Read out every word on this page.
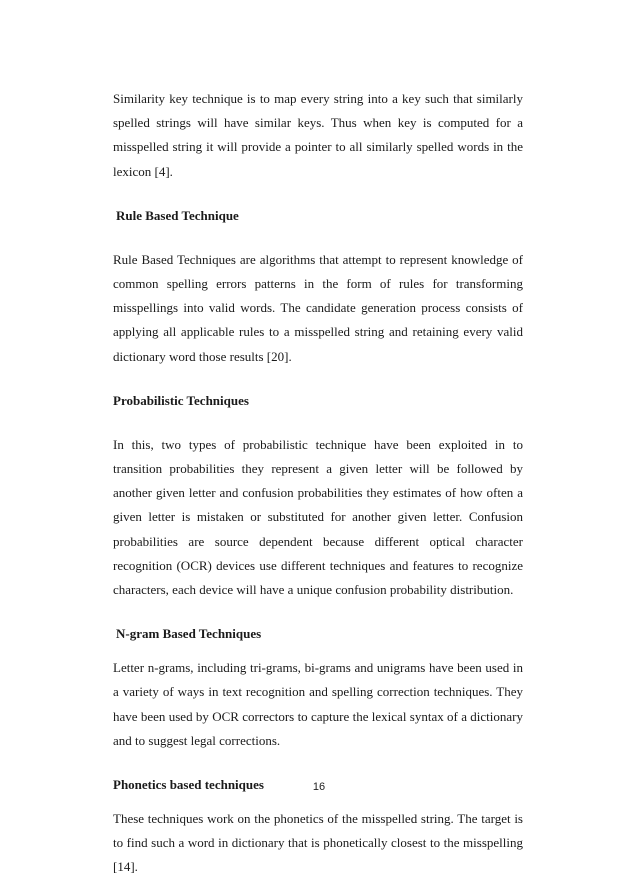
Similarity key technique is to map every string into a key such that similarly spelled strings will have similar keys. Thus when key is computed for a misspelled string it will provide a pointer to all similarly spelled words in the lexicon [4].

Rule Based Technique

Rule Based Techniques are algorithms that attempt to represent knowledge of common spelling errors patterns in the form of rules for transforming misspellings into valid words. The candidate generation process consists of applying all applicable rules to a misspelled string and retaining every valid dictionary word those results [20].

Probabilistic Techniques

In this, two types of probabilistic technique have been exploited in to transition probabilities they represent a given letter will be followed by another given letter and confusion probabilities they estimates of how often a given letter is mistaken or substituted for another given letter. Confusion probabilities are source dependent because different optical character recognition (OCR) devices use different techniques and features to recognize characters, each device will have a unique confusion probability distribution.

N-gram Based Techniques

Letter n-grams, including tri-grams, bi-grams and unigrams have been used in a variety of ways in text recognition and spelling correction techniques. They have been used by OCR correctors to capture the lexical syntax of a dictionary and to suggest legal corrections.

Phonetics based techniques

These techniques work on the phonetics of the misspelled string. The target is to find such a word in dictionary that is phonetically closest to the misspelling [14].

16
